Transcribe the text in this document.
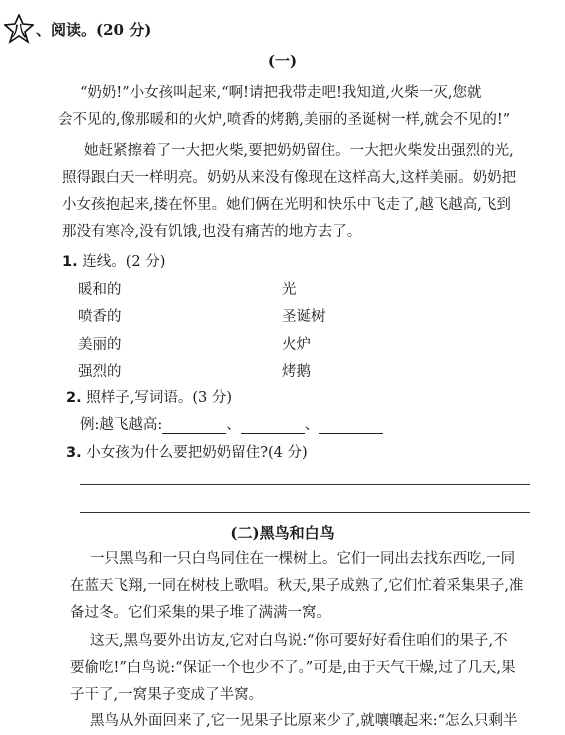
八 、阅读。(20 分)
(一)
“奶奶!”小女孩叫起来,“啊!请把我带走吧!我知道,火柴一灭,您就
会不见的,像那暖和的火炉,喷香的烤鹅,美丽的圣诞树一样,就会不见的!”
她赶紧擦着了一大把火柴,要把奶奶留住。一大把火柴发出强烈的光,
照得跟白天一样明亮。奶奶从来没有像现在这样高大,这样美丽。奶奶把
小女孩抱起来,搂在怀里。她们俩在光明和快乐中飞走了,越飞越高,飞到
那没有寒冷,没有饥饿,也没有痛苦的地方去了。
1. 连线。(2 分)
暖和的
喷香的
美丽的
强烈的
光
圣诞树
火炉
烤鹅
2. 照样子,写词语。(3 分)
例:越飞越高:	、	、
3. 小女孩为什么要把奶奶留住?(4 分)
(二)黑鸟和白鸟
一只黑鸟和一只白鸟同住在一棵树上。它们一同出去找东西吃,一同
在蓝天飞翔,一同在树枝上歌唱。秋天,果子成熟了,它们忙着采集果子,准
备过冬。它们采集的果子堆了满满一窝。
这天,黑鸟要外出访友,它对白鸟说:“你可要好好看住咱们的果子,不
要偷吃!”白鸟说:“保证一个也少不了。”可是,由于天气干燥,过了几天,果
子干了,一窝果子变成了半窝。
黑鸟从外面回来了,它一见果子比原来少了,就嚷嚷起来:“怎么只剩半
